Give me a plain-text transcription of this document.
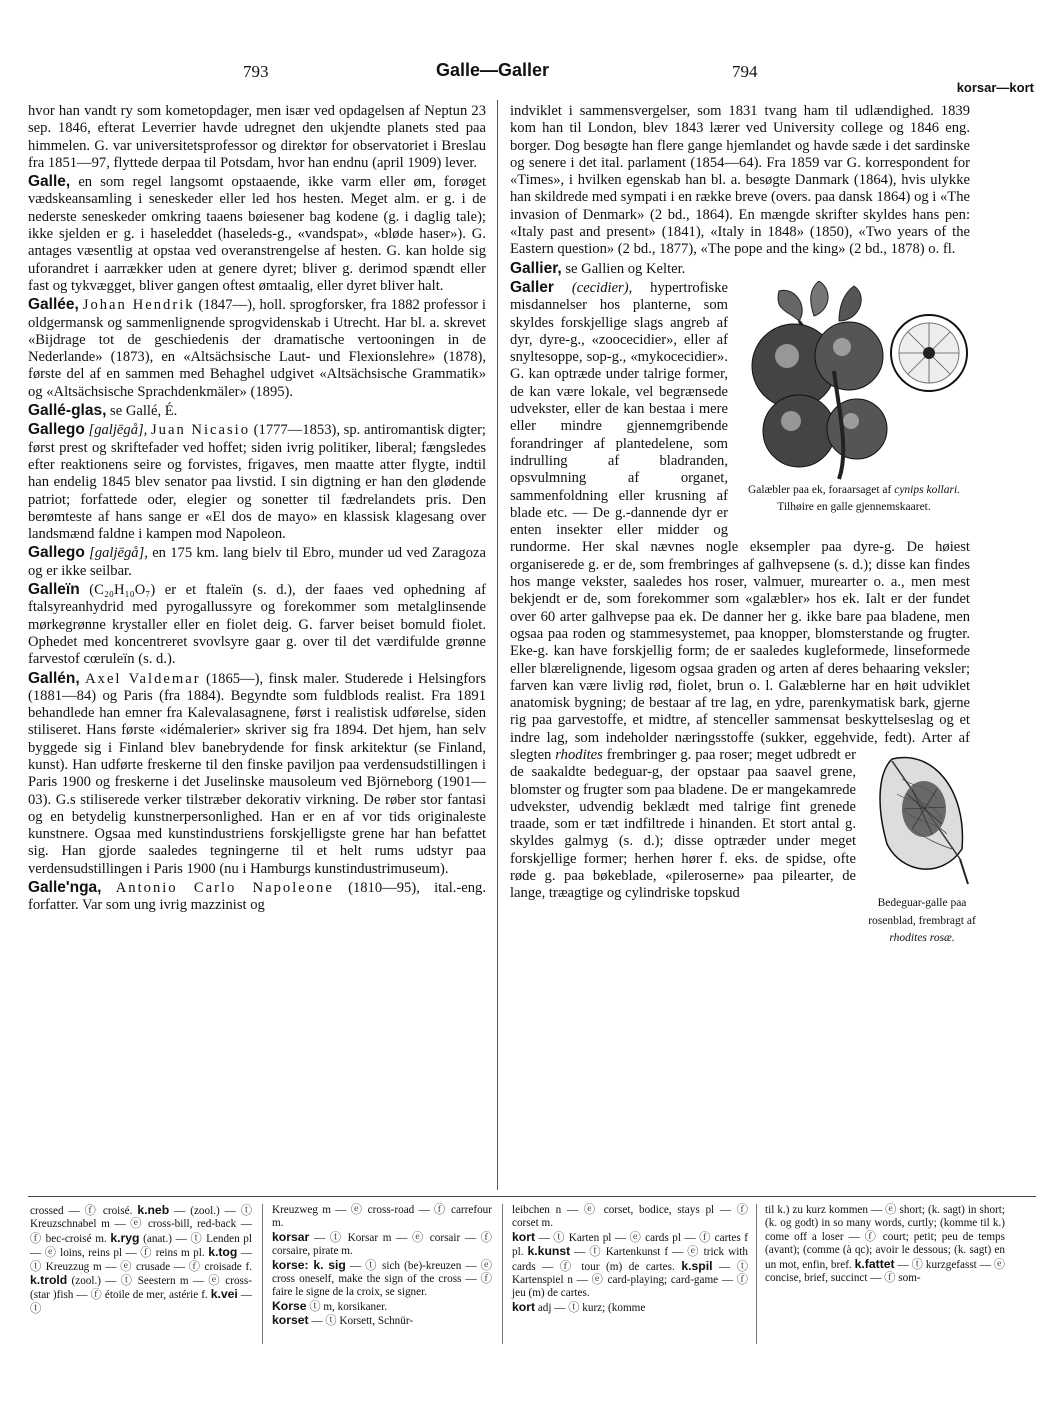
793	Galle—Galler	794
korsar—kort

hvor han vandt ry som kometopdager, men især ved opdagelsen af Neptun 23 sep. 1846, efterat Leverrier havde udregnet den ukjendte planets sted paa himmelen. G. var universitetsprofessor og direktør for observatoriet i Breslau fra 1851—97, flyttede derpaa til Potsdam, hvor han endnu (april 1909) lever.

Galle, en som regel langsomt opstaaende, ikke varm eller øm, forøget vædskeansamling i seneskeder eller led hos hesten. Meget alm. er g. i de nederste seneskeder omkring taaens bøiesener bag kodene (g. i daglig tale); ikke sjelden er g. i haseleddet (haseleds-g., «vandspat», «bløde haser»). G. antages væsentlig at opstaa ved overanstrengelse af hesten. G. kan holde sig uforandret i aarrækker uden at genere dyret; bliver g. derimod spændt eller fast og tykvægget, bliver gangen oftest ømtaalig, eller dyret bliver halt.

Gallée, Johan Hendrik (1847—), holl. sprogforsker, fra 1882 professor i oldgermansk og sammenlignende sprogvidenskab i Utrecht. Har bl. a. skrevet «Bijdrage tot de geschiedenis der dramatische vertooningen in de Nederlande» (1873), en «Altsächsische Laut- und Flexionslehre» (1878), første del af en sammen med Behaghel udgivet «Altsächsische Grammatik» og «Altsächsische Sprachdenkmäler» (1895).

Gallé-glas, se Gallé, É.

Gallego [galjēgå], Juan Nicasio (1777—1853), sp. antiromantisk digter; først prest og skriftefader ved hoffet; siden ivrig politiker, liberal; fængsledes efter reaktionens seire og forvistes, frigaves, men maatte atter flygte, indtil han endelig 1845 blev senator paa livstid. I sin digtning er han den glødende patriot; forfattede oder, elegier og sonetter til fædrelandets pris. Den berømteste af hans sange er «El dos de mayo» en klassisk klagesang over landsmænd faldne i kampen mod Napoleon.

Gallego [galjēgå], en 175 km. lang bielv til Ebro, munder ud ved Zaragoza og er ikke seilbar.

Galleïn (C₂₀H₁₀O₇) er et ftaleïn (s. d.), der faaes ved ophedning af ftalsyreanhydrid med pyrogallussyre og forekommer som metalglinsende mørkegrønne krystaller eller en fiolet deig. G. farver beiset bomuld fiolet. Ophedet med koncentreret svovlsyre gaar g. over til det værdifulde grønne farvestof cœruleïn (s. d.).

Gallén, Axel Valdemar (1865—), finsk maler. Studerede i Helsingfors (1881—84) og Paris (fra 1884). Begyndte som fuldblods realist. Fra 1891 behandlede han emner fra Kalevalasagnene, først i realistisk udførelse, siden stiliseret. Hans første «idémalerier» skriver sig fra 1894. Det hjem, han selv byggede sig i Finland blev banebrydende for finsk arkitektur (se Finland, kunst). Han udførte freskerne til den finske paviljon paa verdensudstillingen i Paris 1900 og freskerne i det Juselinske mausoleum ved Björneborg (1901—03). G.s stiliserede verker tilstræber dekorativ virkning. De røber stor fantasi og en betydelig kunstnerpersonlighed. Han er en af vor tids originaleste kunstnere. Ogsaa med kunstindustriens forskjelligste grene har han befattet sig. Han gjorde saaledes tegningerne til et helt rums udstyr paa verdensudstillingen i Paris 1900 (nu i Hamburgs kunstindustrimuseum).

Galle'nga, Antonio Carlo Napoleone (1810—95), ital.-eng. forfatter. Var som ung ivrig mazzinist og

indviklet i sammensvergelser, som 1831 tvang ham til udlændighed. 1839 kom han til London, blev 1843 lærer ved University college og 1846 eng. borger. Dog besøgte han flere gange hjemlandet og havde sæde i det sardinske og senere i det ital. parlament (1854—64). Fra 1859 var G. korrespondent for «Times», i hvilken egenskab han bl. a. besøgte Danmark (1864), hvis ulykke han skildrede med sympati i en række breve (overs. paa dansk 1864) og i «The invasion of Denmark» (2 bd., 1864). En mængde skrifter skyldes hans pen: «Italy past and present» (1841), «Italy in 1848» (1850), «Two years of the Eastern question» (2 bd., 1877), «The pope and the king» (2 bd., 1878) o. fl.

Gallier, se Gallien og Kelter.

Galler (cecidier),
Galæbler paa ek, foraarsaget af cynips kollari. Tilhøire en galle gjennemskaaret.
hypertrofiske misdannelser hos planterne, som skyldes forskjellige slags angreb af dyr, dyre-g., «zoocecidier», eller af snyltesoppe, sop-g., «mykocecidier». G. kan optræde under talrige former, de kan være lokale, vel begrænsede udvekster, eller de kan bestaa i mere eller mindre gjennemgribende forandringer af plantedelene, som indrulling af bladranden, opsvulmning af organet, sammenfoldning eller krusning af blade etc. — De g.-dannende dyr er enten insekter eller midder og rundorme. Her skal nævnes nogle eksempler paa dyre-g. De høiest organiserede g. er de, som frembringes af galhvepsene (s. d.); disse kan findes hos mange vekster, saaledes hos roser, valmuer, murearter o. a., men mest bekjendt er de, som forekommer som «galæbler» hos ek. Ialt er der fundet over 60 arter galhvepse paa ek. De danner her g. ikke bare paa bladene, men ogsaa paa roden og stammesystemet, paa knopper, blomsterstande og frugter. Eke-g. kan have forskjellig form; de er saaledes kugleformede, linseformede eller blærelignende, ligesom ogsaa graden og arten af deres behaaring veksler; farven kan være livlig rød, fiolet, brun o. l. Galæblerne har en høit udviklet anatomisk bygning; de bestaar af tre lag, en ydre, parenkymatisk bark, gjerne rig paa garvestoffe, et midtre, af stenceller sammensat beskyttelseslag og et indre lag, som indeholder næringsstoffe (sukker, eggehvide, fedt). Arter af slegten
Bedeguar-galle paa rosenblad, frembragt af rhodites rosæ.
rhodites frembringer g. paa roser; meget udbredt er de saakaldte bedeguar-g, der opstaar paa saavel grene, blomster og frugter som paa bladene. De er mangekamrede udvekster, udvendig beklædt med talrige fint grenede traade, som er tæt indfiltrede i hinanden. Et stort antal g. skyldes galmyg (s. d.); disse optræder under meget forskjellige former; herhen hører f. eks. de spidse, ofte røde g. paa bøkeblade, «pileroserne» paa pilearter, de lange, træagtige og cylindriske topskud

crossed — ⓕ croisé. k.neb — (zool.) — ⓣ Kreuzschnabel m — ⓔ cross-bill, red-back — ⓕ bec-croisé m. k.ryg (anat.) — ⓣ Lenden pl — ⓔ loins, reins pl — ⓕ reins m pl. k.tog — ⓣ Kreuzzug m — ⓔ crusade — ⓕ croisade f. k.trold (zool.) — ⓣ Seestern m — ⓔ cross-(star )fish — ⓕ étoile de mer, astérie f. k.vei — ⓣ
Kreuzweg m — ⓔ cross-road — ⓕ carrefour m.
korsar — ⓣ Korsar m — ⓔ corsair — ⓕ corsaire, pirate m.
korse: k. sig — ⓣ sich (be)-kreuzen — ⓔ cross oneself, make the sign of the cross — ⓕ faire le signe de la croix, se signer.
Korse ⓣ m, korsikaner.
korset — ⓣ Korsett, Schnür-
leibchen n — ⓔ corset, bodice, stays pl — ⓕ corset m.
kort — ⓣ Karten pl — ⓔ cards pl — ⓕ cartes f pl. k.kunst — ⓣ Kartenkunst f — ⓔ trick with cards — ⓕ tour (m) de cartes. k.spil — ⓣ Kartenspiel n — ⓔ card-playing; card-game — ⓕ jeu (m) de cartes.
kort adj — ⓣ kurz; (komme
til k.) zu kurz kommen — ⓔ short; (k. sagt) in short; (k. og godt) in so many words, curtly; (komme til k.) come off a loser — ⓕ court; petit; peu de temps (avant); (comme (à qc); avoir le dessous; (k. sagt) en un mot, enfin, bref. k.fattet — ⓣ kurzgefasst — ⓔ concise, brief, succinct — ⓕ som-
